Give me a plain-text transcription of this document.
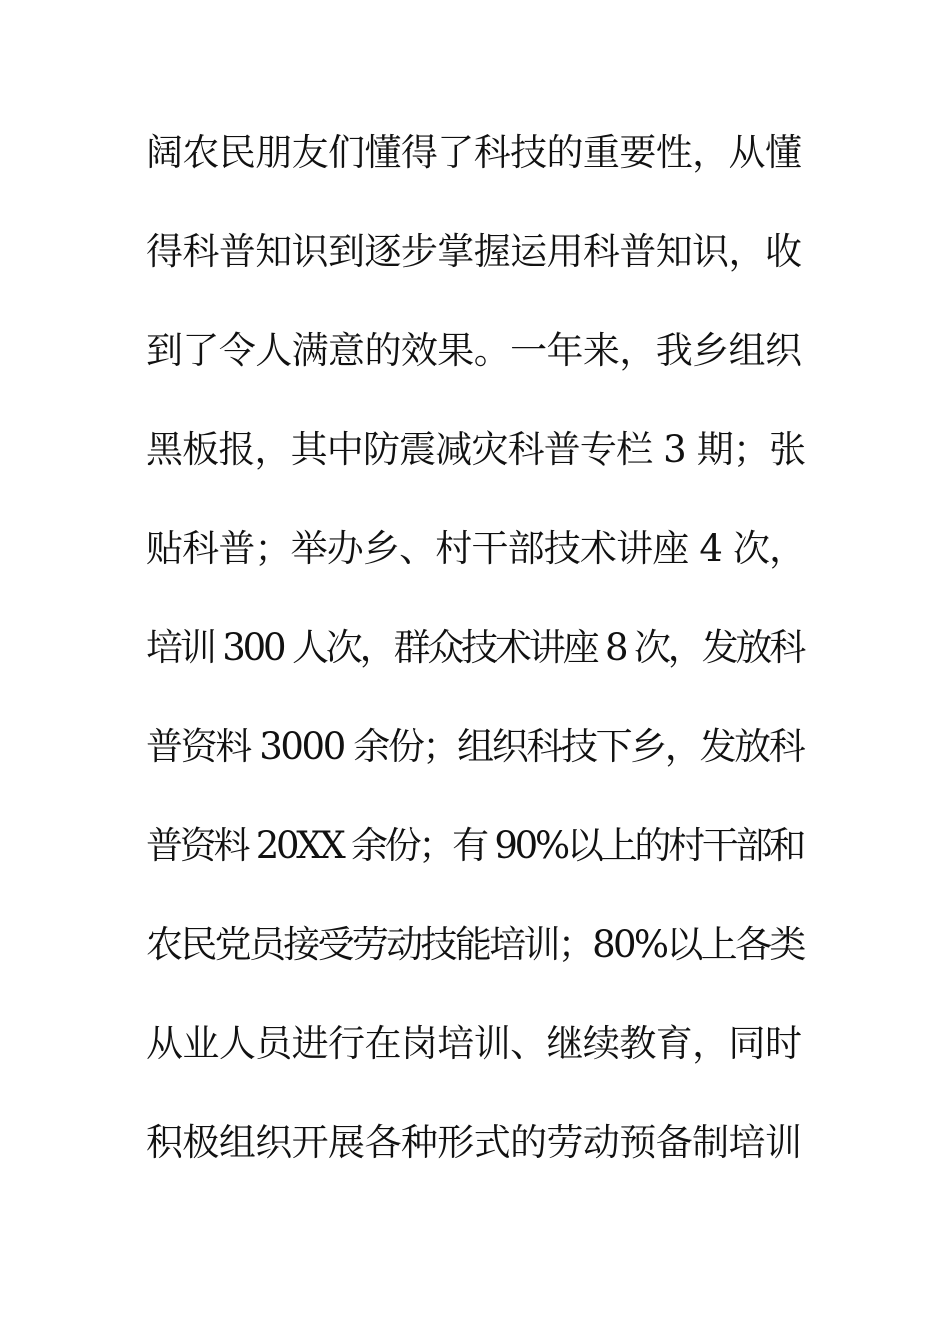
阔农民朋友们懂得了科技的重要性，从懂
得科普知识到逐步掌握运用科普知识，收
到了令人满意的效果。一年来，我乡组织
黑板报，其中防震减灾科普专栏 3 期；张
贴科普；举办乡、村干部技术讲座 4 次，
培训 300 人次，群众技术讲座 8 次，发放科
普资料 3000 余份；组织科技下乡，发放科
普资料 20XX 余份；有 90%以上的村干部和
农民党员接受劳动技能培训；80%以上各类
从业人员进行在岗培训、继续教育，同时
积极组织开展各种形式的劳动预备制培训
